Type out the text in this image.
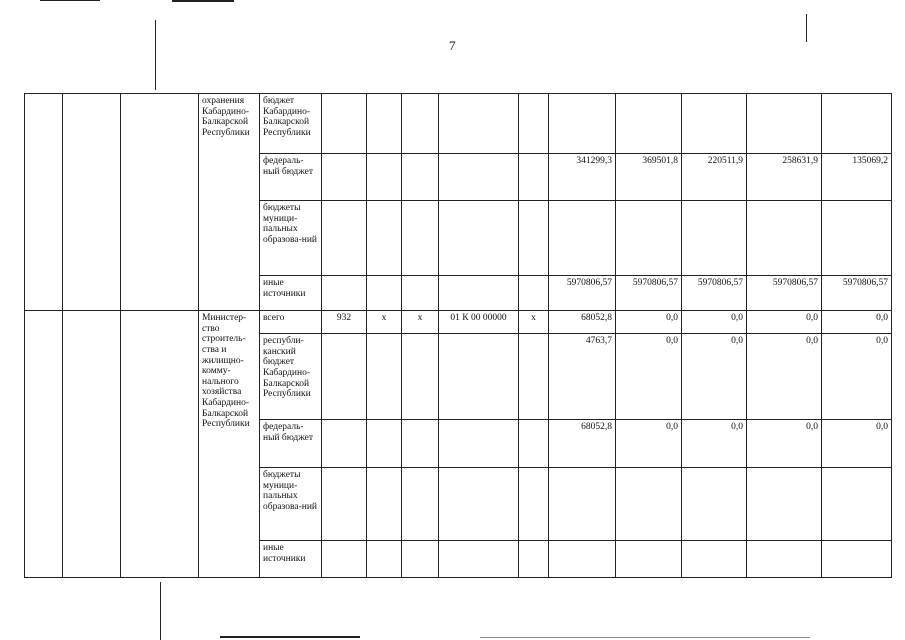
7
			охранения Кабардино-Балкарской Республики	бюджет Кабардино-Балкарской Республики										
				федераль-ный бюджет						341299,3	369501,8	220511,9	258631,9	135069,2
				бюджеты муници-пальных образова-ний										
				иные источники						5970806,57	5970806,57	5970806,57	5970806,57	5970806,57
			Министер-ство строитель-ства и жилищно-комму-нального хозяйства Кабардино-Балкарской Республики	всего	932	х	х	01 К 00 00000	х	68052,8	0,0	0,0	0,0	0,0
				республи-канский бюджет Кабардино-Балкарской Республики						4763,7	0,0	0,0	0,0	0,0
				федераль-ный бюджет						68052,8	0,0	0,0	0,0	0,0
				бюджеты муници-пальных образова-ний										
				иные источники										
